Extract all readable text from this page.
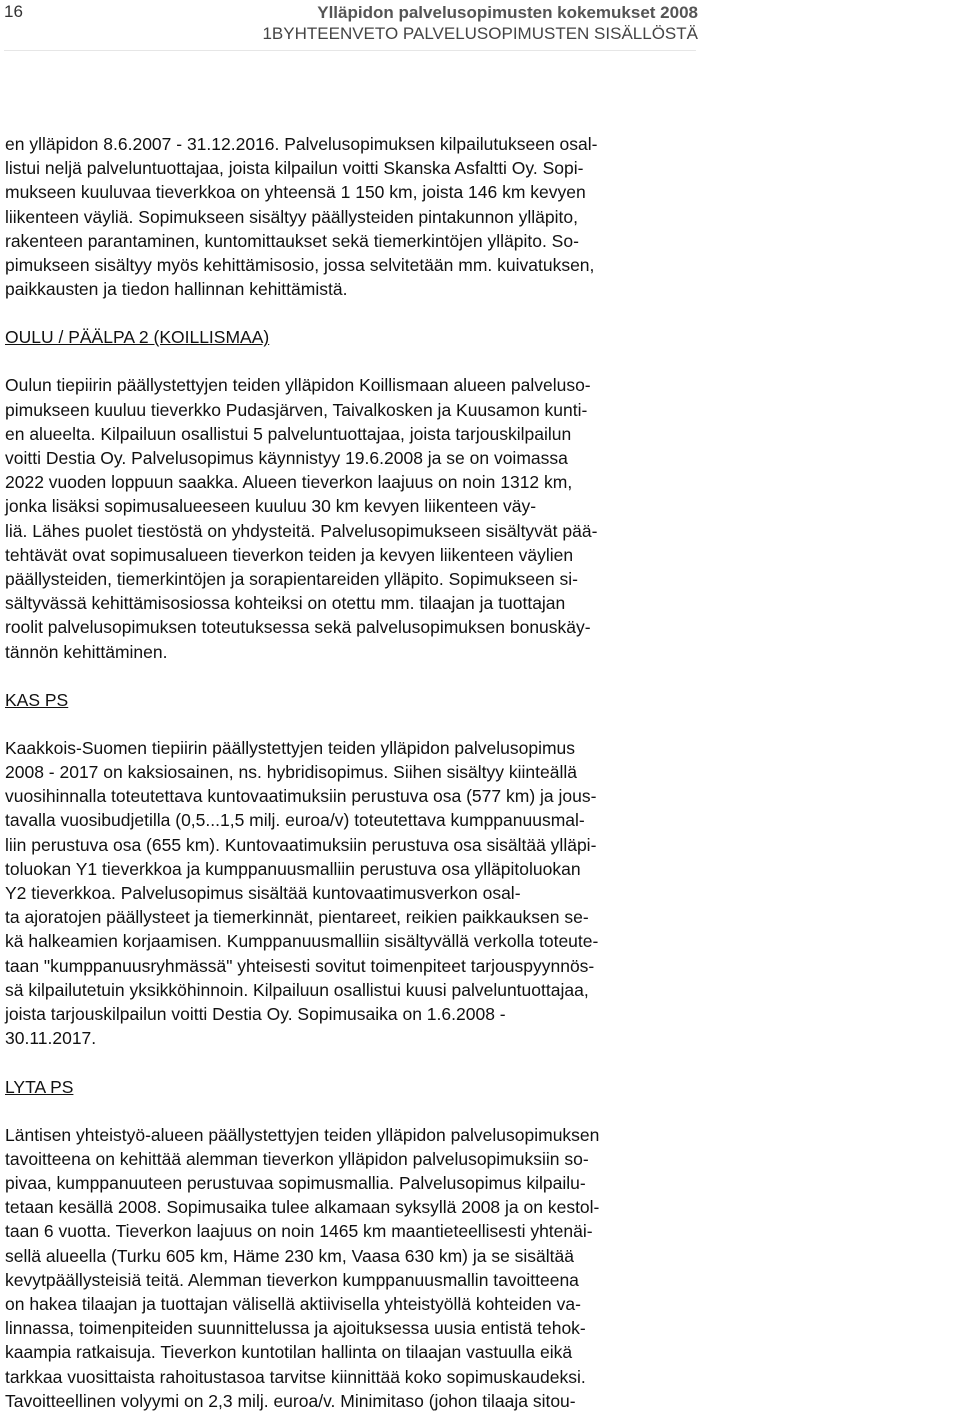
16	Ylläpidon palvelusopimusten kokemukset 2008
1BYHTEENVETO PALVELUSOPIMUSTEN SISÄLLÖSTÄ

en ylläpidon 8.6.2007 - 31.12.2016. Palvelusopimuksen kilpailutukseen osal-
listui neljä palveluntuottajaa, joista kilpailun voitti Skanska Asfaltti Oy. Sopi-
mukseen kuuluvaa tieverkkoa on yhteensä 1 150 km, joista 146 km kevyen
liikenteen väyliä. Sopimukseen sisältyy päällysteiden pintakunnon ylläpito,
rakenteen parantaminen, kuntomittaukset sekä tiemerkintöjen ylläpito. So-
pimukseen sisältyy myös kehittämisosio, jossa selvitetään mm. kuivatuksen,
paikkausten ja tiedon hallinnan kehittämistä.

OULU / PÄÄLPA 2 (KOILLISMAA)

Oulun tiepiirin päällystettyjen teiden ylläpidon Koillismaan alueen palveluso-
pimukseen kuuluu tieverkko Pudasjärven, Taivalkosken ja Kuusamon kunti-
en alueelta. Kilpailuun osallistui 5 palveluntuottajaa, joista tarjouskilpailun
voitti Destia Oy. Palvelusopimus käynnistyy 19.6.2008 ja se on voimassa
2022 vuoden loppuun saakka. Alueen tieverkon laajuus on noin 1312 km,
jonka lisäksi sopimusalueeseen kuuluu 30 km kevyen liikenteen väy-
liä. Lähes puolet tiestöstä on yhdysteitä. Palvelusopimukseen sisältyvät pää-
tehtävät ovat sopimusalueen tieverkon teiden ja kevyen liikenteen väylien
päällysteiden, tiemerkintöjen ja sorapientareiden ylläpito. Sopimukseen si-
sältyvässä kehittämisosiossa kohteiksi on otettu mm. tilaajan ja tuottajan
roolit palvelusopimuksen toteutuksessa sekä palvelusopimuksen bonuskäy-
tännön kehittäminen.

KAS PS

Kaakkois-Suomen tiepiirin päällystettyjen teiden ylläpidon palvelusopimus
2008 - 2017 on kaksiosainen, ns. hybridisopimus. Siihen sisältyy kiinteällä
vuosihinnalla toteutettava kuntovaatimuksiin perustuva osa (577 km) ja jous-
tavalla vuosibudjetilla (0,5...1,5 milj. euroa/v) toteutettava kumppanuusmal-
liin perustuva osa (655 km). Kuntovaatimuksiin perustuva osa sisältää ylläpi-
toluokan Y1 tieverkkoa ja kumppanuusmalliin perustuva osa ylläpitoluokan
Y2 tieverkkoa. Palvelusopimus sisältää kuntovaatimusverkon osal-
ta ajoratojen päällysteet ja tiemerkinnät, pientareet, reikien paikkauksen se-
kä halkeamien korjaamisen. Kumppanuusmalliin sisältyvällä verkolla toteute-
taan "kumppanuusryhmässä" yhteisesti sovitut toimenpiteet tarjouspyynnös-
sä kilpailutetuin yksikköhinnoin. Kilpailuun osallistui kuusi palveluntuottajaa,
joista tarjouskilpailun voitti Destia Oy. Sopimusaika on 1.6.2008 -
30.11.2017.

LYTA PS

Läntisen yhteistyö-alueen päällystettyjen teiden ylläpidon palvelusopimuksen
tavoitteena on kehittää alemman tieverkon ylläpidon palvelusopimuksiin so-
pivaa, kumppanuuteen perustuvaa sopimusmallia. Palvelusopimus kilpailu-
tetaan kesällä 2008. Sopimusaika tulee alkamaan syksyllä 2008 ja on kestol-
taan 6 vuotta. Tieverkon laajuus on noin 1465 km maantieteellisesti yhtenäi-
sellä alueella (Turku 605 km, Häme 230 km, Vaasa 630 km) ja se sisältää
kevytpäällysteisiä teitä. Alemman tieverkon kumppanuusmallin tavoitteena
on hakea tilaajan ja tuottajan välisellä aktiivisella yhteistyöllä kohteiden va-
linnassa, toimenpiteiden suunnittelussa ja ajoituksessa uusia entistä tehok-
kaampia ratkaisuja. Tieverkon kuntotilan hallinta on tilaajan vastuulla eikä
tarkkaa vuosittaista rahoitustasoa tarvitse kiinnittää koko sopimuskaudeksi.
Tavoitteellinen volyymi on 2,3 milj. euroa/v. Minimitaso (johon tilaaja sitou-
